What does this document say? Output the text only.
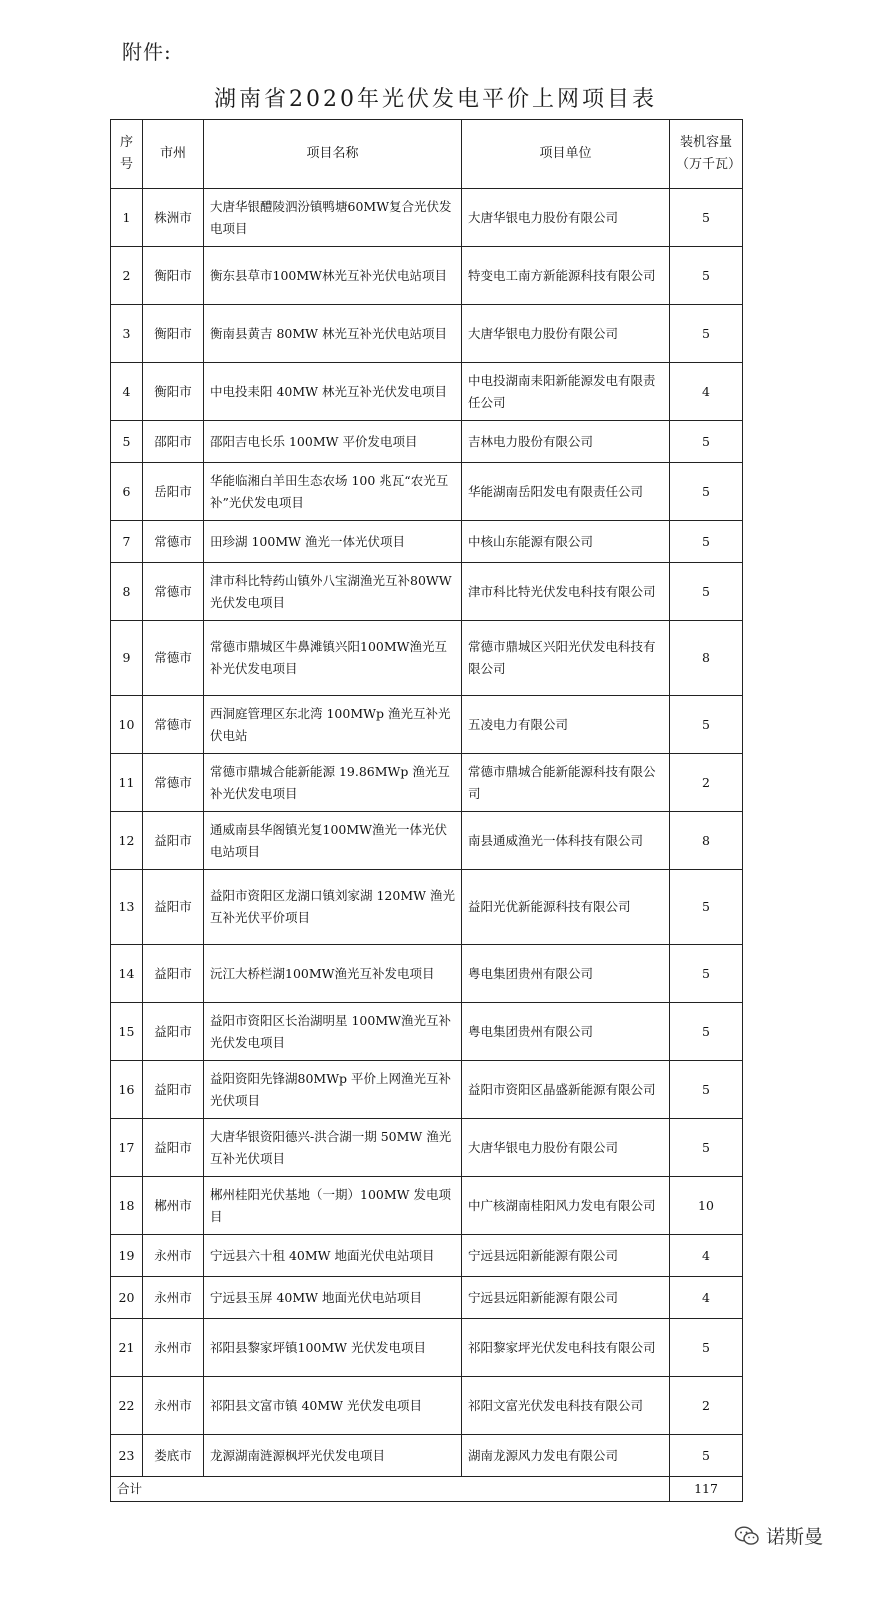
附件:
湖南省2020年光伏发电平价上网项目表
序号	市州	项目名称	项目单位	装机容量（万千瓦）
1	株洲市	大唐华银醴陵泗汾镇鸭塘60MW复合光伏发电项目	大唐华银电力股份有限公司	5
2	衡阳市	衡东县草市100MW林光互补光伏电站项目	特变电工南方新能源科技有限公司	5
3	衡阳市	衡南县黄吉 80MW 林光互补光伏电站项目	大唐华银电力股份有限公司	5
4	衡阳市	中电投耒阳 40MW 林光互补光伏发电项目	中电投湖南耒阳新能源发电有限责任公司	4
5	邵阳市	邵阳吉电长乐 100MW 平价发电项目	吉林电力股份有限公司	5
6	岳阳市	华能临湘白羊田生态农场 100 兆瓦“农光互补”光伏发电项目	华能湖南岳阳发电有限责任公司	5
7	常德市	田珍湖 100MW 渔光一体光伏项目	中核山东能源有限公司	5
8	常德市	津市科比特药山镇外八宝湖渔光互补80WW 光伏发电项目	津市科比特光伏发电科技有限公司	5
9	常德市	常德市鼎城区牛鼻滩镇兴阳100MW渔光互补光伏发电项目	常德市鼎城区兴阳光伏发电科技有限公司	8
10	常德市	西洞庭管理区东北湾 100MWp 渔光互补光伏电站	五凌电力有限公司	5
11	常德市	常德市鼎城合能新能源 19.86MWp 渔光互补光伏发电项目	常德市鼎城合能新能源科技有限公司	2
12	益阳市	通威南县华阁镇光复100MW渔光一体光伏电站项目	南县通威渔光一体科技有限公司	8
13	益阳市	益阳市资阳区龙湖口镇刘家湖 120MW 渔光互补光伏平价项目	益阳光优新能源科技有限公司	5
14	益阳市	沅江大桥栏湖100MW渔光互补发电项目	粤电集团贵州有限公司	5
15	益阳市	益阳市资阳区长治湖明星 100MW渔光互补光伏发电项目	粤电集团贵州有限公司	5
16	益阳市	益阳资阳先锋湖80MWp 平价上网渔光互补光伏项目	益阳市资阳区晶盛新能源有限公司	5
17	益阳市	大唐华银资阳德兴-洪合湖一期 50MW 渔光互补光伏项目	大唐华银电力股份有限公司	5
18	郴州市	郴州桂阳光伏基地（一期）100MW 发电项目	中广核湖南桂阳风力发电有限公司	10
19	永州市	宁远县六十租 40MW 地面光伏电站项目	宁远县远阳新能源有限公司	4
20	永州市	宁远县玉屏 40MW 地面光伏电站项目	宁远县远阳新能源有限公司	4
21	永州市	祁阳县黎家坪镇100MW 光伏发电项目	祁阳黎家坪光伏发电科技有限公司	5
22	永州市	祁阳县文富市镇 40MW 光伏发电项目	祁阳文富光伏发电科技有限公司	2
23	娄底市	龙源湖南涟源枫坪光伏发电项目	湖南龙源风力发电有限公司	5
合计				117
诺斯曼
